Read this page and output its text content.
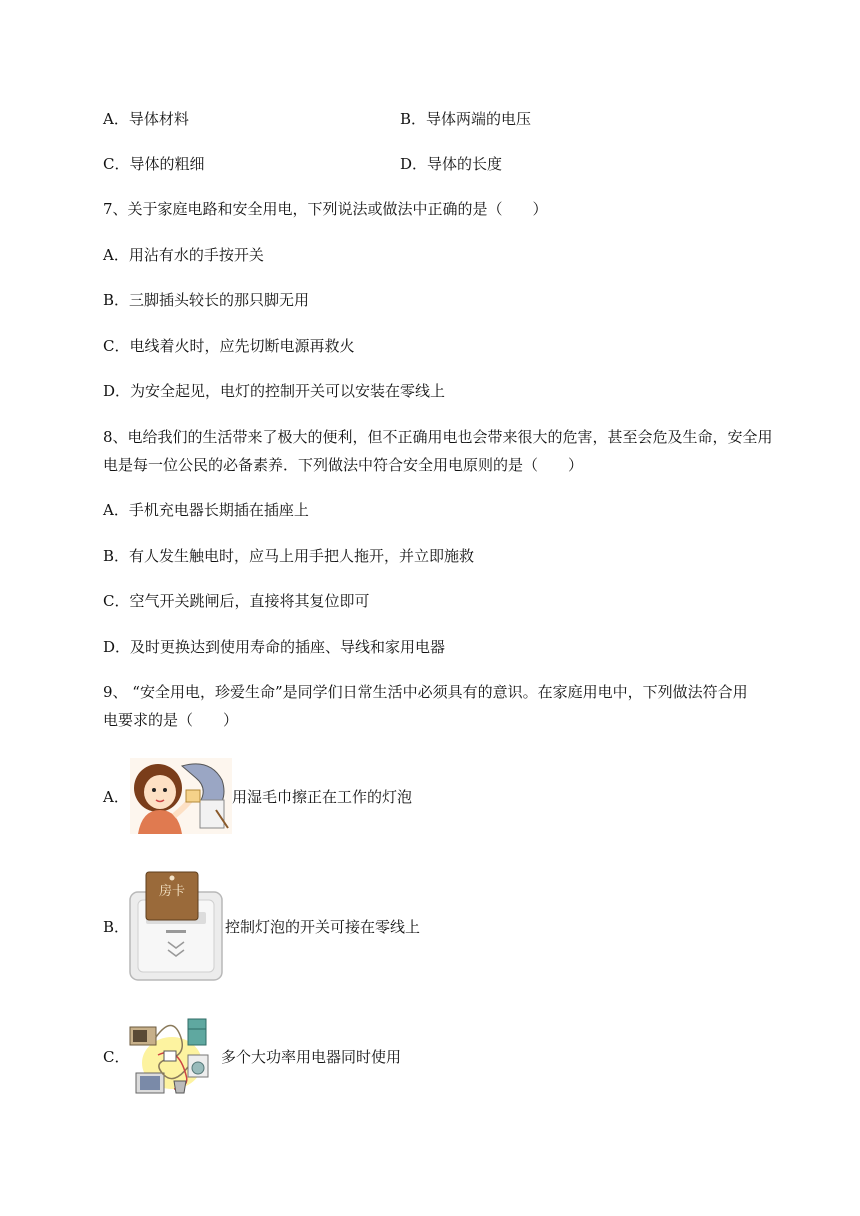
A．导体材料	B．导体两端的电压
C．导体的粗细	D．导体的长度
7、关于家庭电路和安全用电，下列说法或做法中正确的是（　　）
A．用沾有水的手按开关
B．三脚插头较长的那只脚无用
C．电线着火时，应先切断电源再救火
D．为安全起见，电灯的控制开关可以安装在零线上
8、电给我们的生活带来了极大的便利，但不正确用电也会带来很大的危害，甚至会危及生命，安全用
电是每一位公民的必备素养．下列做法中符合安全用电原则的是（　　）
A．手机充电器长期插在插座上
B．有人发生触电时，应马上用手把人拖开，并立即施救
C．空气开关跳闸后，直接将其复位即可
D．及时更换达到使用寿命的插座、导线和家用电器
9、 “安全用电，珍爱生命”是同学们日常生活中必须具有的意识。在家庭用电中，下列做法符合用
电要求的是（　　）
A．	用湿毛巾擦正在工作的灯泡
B．
房卡
控制灯泡的开关可接在零线上
C．	多个大功率用电器同时使用
